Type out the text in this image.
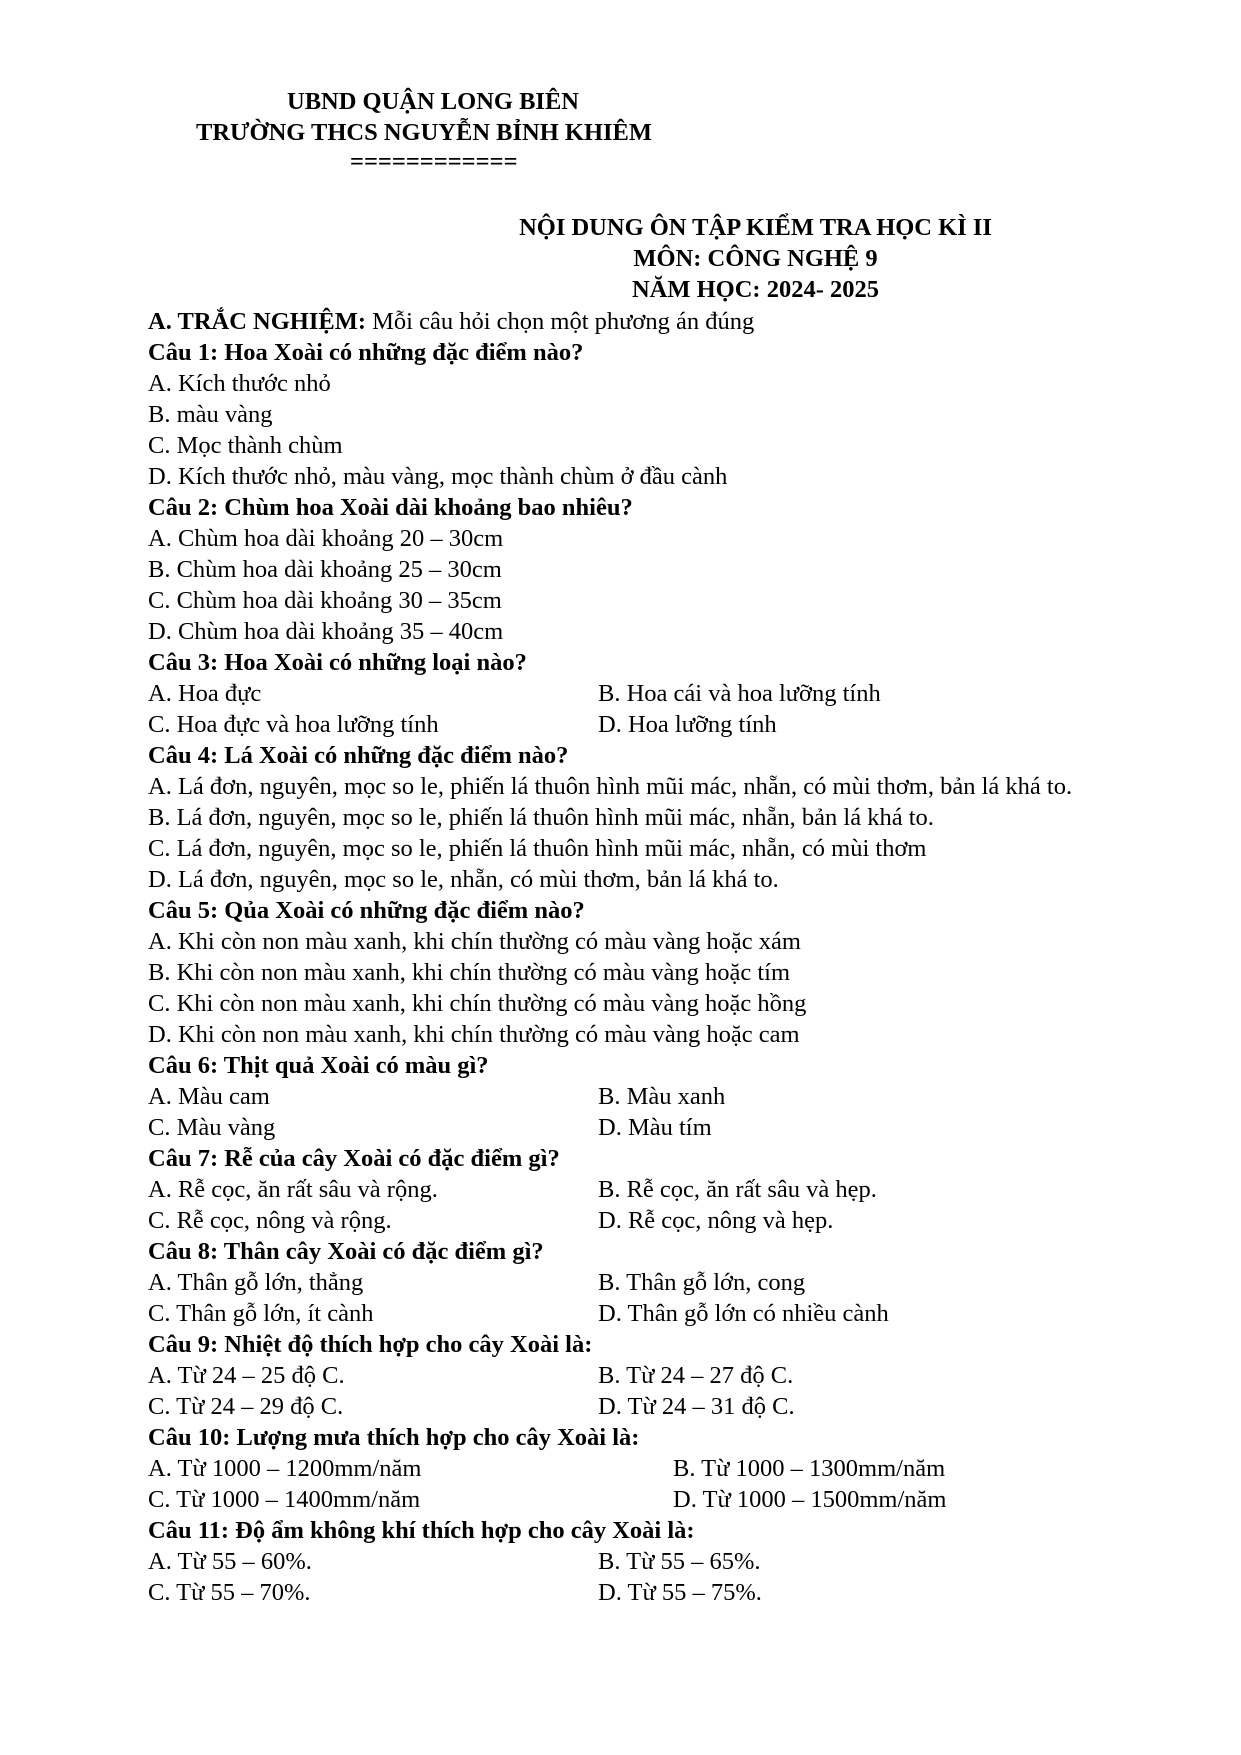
UBND QUẬN LONG BIÊN
TRƯỜNG THCS NGUYỄN BỈNH KHIÊM
============
NỘI DUNG ÔN TẬP KIỂM TRA HỌC KÌ II
MÔN: CÔNG NGHỆ 9
NĂM HỌC: 2024- 2025
A. TRẮC NGHIỆM: Mỗi câu hỏi chọn một phương án đúng
Câu 1: Hoa Xoài có những đặc điểm nào?
A. Kích thước nhỏ
B. màu vàng
C. Mọc thành chùm
D. Kích thước nhỏ, màu vàng, mọc thành chùm ở đầu cành
Câu 2: Chùm hoa Xoài dài khoảng bao nhiêu?
A. Chùm hoa dài khoảng 20 – 30cm
B. Chùm hoa dài khoảng 25 – 30cm
C. Chùm hoa dài khoảng 30 – 35cm
D. Chùm hoa dài khoảng 35 – 40cm
Câu 3: Hoa Xoài có những loại nào?
A. Hoa đực	B. Hoa cái và hoa lưỡng tính
C. Hoa đực và hoa lưỡng tính	D. Hoa lưỡng tính
Câu 4: Lá Xoài có những đặc điểm nào?
A. Lá đơn, nguyên, mọc so le, phiến lá thuôn hình mũi mác, nhẵn, có mùi thơm, bản lá khá to.
B. Lá đơn, nguyên, mọc so le, phiến lá thuôn hình mũi mác, nhẵn, bản lá khá to.
C. Lá đơn, nguyên, mọc so le, phiến lá thuôn hình mũi mác, nhẵn, có mùi thơm
D. Lá đơn, nguyên, mọc so le, nhẵn, có mùi thơm, bản lá khá to.
Câu 5: Qủa Xoài có những đặc điểm nào?
A. Khi còn non màu xanh, khi chín thường có màu vàng hoặc xám
B. Khi còn non màu xanh, khi chín thường có màu vàng hoặc tím
C. Khi còn non màu xanh, khi chín thường có màu vàng hoặc hồng
D. Khi còn non màu xanh, khi chín thường có màu vàng hoặc cam
Câu 6: Thịt quả Xoài có màu gì?
A. Màu cam	B. Màu xanh
C. Màu vàng	D. Màu tím
Câu 7: Rễ của cây Xoài có đặc điểm gì?
A. Rễ cọc, ăn rất sâu và rộng.	B. Rễ cọc, ăn rất sâu và hẹp.
C. Rễ cọc, nông và rộng.	D. Rễ cọc, nông và hẹp.
Câu 8: Thân cây Xoài có đặc điểm gì?
A. Thân gỗ lớn, thẳng	B. Thân gỗ lớn, cong
C. Thân gỗ lớn, ít cành	D. Thân gỗ lớn có nhiều cành
Câu 9: Nhiệt độ thích hợp cho cây Xoài là:
A. Từ 24 – 25 độ C.	B. Từ 24 – 27 độ C.
C. Từ 24 – 29 độ C.	D. Từ 24 – 31 độ C.
Câu 10: Lượng mưa thích hợp cho cây Xoài là:
A. Từ 1000 – 1200mm/năm	B. Từ 1000 – 1300mm/năm
C. Từ 1000 – 1400mm/năm	D. Từ 1000 – 1500mm/năm
Câu 11: Độ ẩm không khí thích hợp cho cây Xoài là:
A. Từ 55 – 60%.	B. Từ 55 – 65%.
C. Từ 55 – 70%.	D. Từ 55 – 75%.
